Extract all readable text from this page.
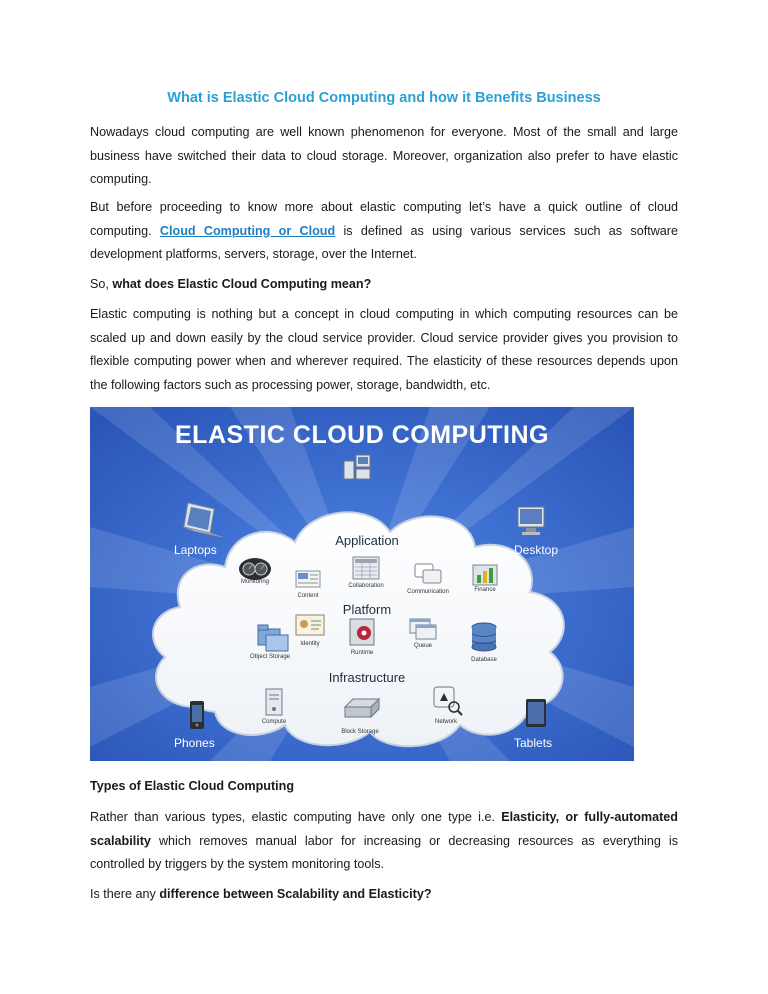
What is Elastic Cloud Computing and how it Benefits Business

Nowadays cloud computing are well known phenomenon for everyone. Most of the small and large business have switched their data to cloud storage. Moreover, organization also prefer to have elastic computing.

But before proceeding to know more about elastic computing let’s have a quick outline of cloud computing. Cloud Computing or Cloud is defined as using various services such as software development platforms, servers, storage, over the Internet.

So, what does Elastic Cloud Computing mean?

Elastic computing is nothing but a concept in cloud computing in which computing resources can be scaled up and down easily by the cloud service provider. Cloud service provider gives you provision to flexible computing power when and wherever required. The elasticity of these resources depends upon the following factors such as processing power, storage, bandwidth, etc.

ELASTIC CLOUD COMPUTING
Application
Platform
Infrastructure
Monitoring
Content
Collaboration
Communication	Finance
Object Storage
Identity
Runtime
Queue
Database
Compute
Block Storage
Network
Laptops	Desktop
Phones	Tablets

Types of Elastic Cloud Computing

Rather than various types, elastic computing have only one type i.e. Elasticity, or fully-automated scalability which removes manual labor for increasing or decreasing resources as everything is controlled by triggers by the system monitoring tools.

Is there any difference between Scalability and Elasticity?
